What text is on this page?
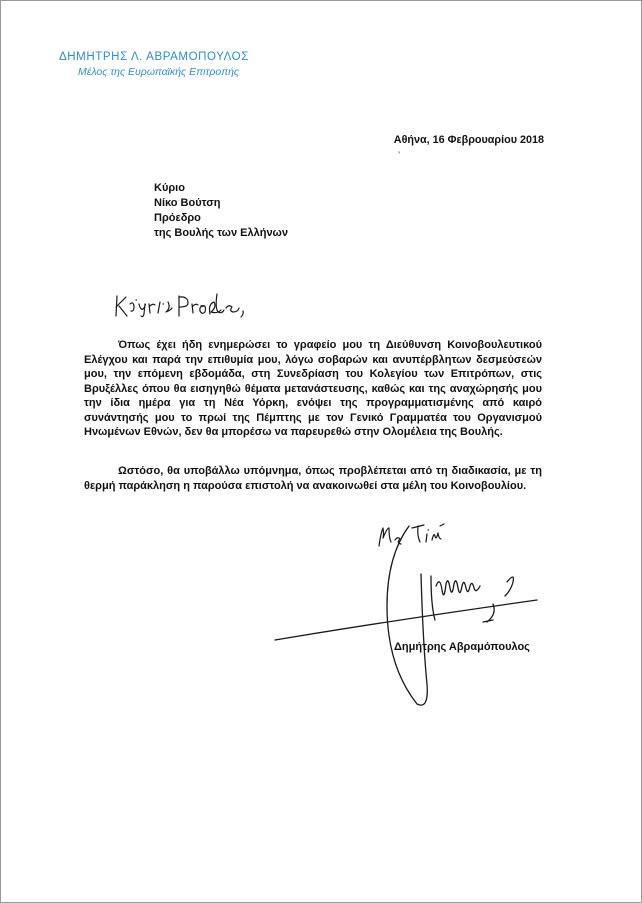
ΔΗΜΗΤΡΗΣ Λ. ΑΒΡΑΜΟΠΟΥΛΟΣ
Μέλος της Ευρωπαϊκής Επιτροπής
Αθήνα, 16 Φεβρουαρίου 2018
’
Κύριο
Νίκο Βούτση
Πρόεδρο
της Βουλής των Ελλήνων

Όπως έχει ήδη ενημερώσει το γραφείο μου τη Διεύθυνση Κοινοβουλευτικού Ελέγχου και παρά την επιθυμία μου, λόγω σοβαρών και ανυπέρβλητων δεσμεύσεών μου, την επόμενη εβδομάδα, στη Συνεδρίαση του Κολεγίου των Επιτρόπων, στις Βρυξέλλες όπου θα εισηγηθώ θέματα μετανάστευσης, καθώς και της αναχώρησής μου την ίδια ημέρα για τη Νέα Υόρκη, ενόψει της προγραμματισμένης από καιρό συνάντησής μου το πρωί της Πέμπτης με τον Γενικό Γραμματέα του Οργανισμού Ηνωμένων Εθνών, δεν θα μπορέσω να παρευρεθώ στην Ολομέλεια της Βουλής.

Ωστόσο, θα υποβάλλω υπόμνημα, όπως προβλέπεται από τη διαδικασία, με τη θερμή παράκληση η παρούσα επιστολή να ανακοινωθεί στα μέλη του Κοινοβουλίου.

Δημήτρης Αβραμόπουλος
